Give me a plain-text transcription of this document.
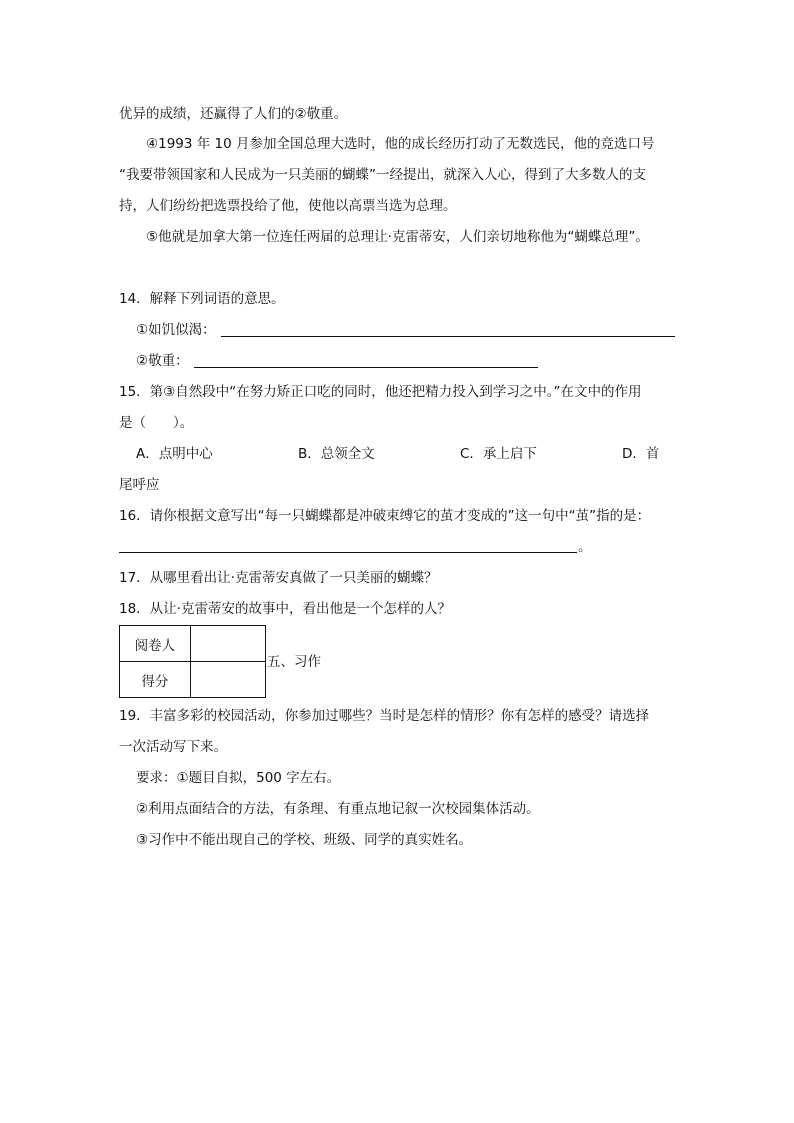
优异的成绩，还赢得了人们的②敬重。
④1993 年 10 月参加全国总理大选时，他的成长经历打动了无数选民，他的竞选口号
“我要带领国家和人民成为一只美丽的蝴蝶”一经提出，就深入人心，得到了大多数人的支
持，人们纷纷把选票投给了他，使他以高票当选为总理。
⑤他就是加拿大第一位连任两届的总理让·克雷蒂安，人们亲切地称他为“蝴蝶总理”。
14．解释下列词语的意思。
①如饥似渴：
②敬重：
15．第③自然段中“在努力矫正口吃的同时，他还把精力投入到学习之中。”在文中的作用
是（　　）。
A．点明中心	B．总领全文	C．承上启下	D．首
尾呼应
16．请你根据文意写出“每一只蝴蝶都是冲破束缚它的茧才变成的”这一句中“茧”指的是：
。
17．从哪里看出让·克雷蒂安真做了一只美丽的蝴蝶？
18．从让·克雷蒂安的故事中，看出他是一个怎样的人？
阅卷人	
得分	
五、习作
19．丰富多彩的校园活动，你参加过哪些？当时是怎样的情形？你有怎样的感受？请选择
一次活动写下来。
要求：①题目自拟，500 字左右。
②利用点面结合的方法，有条理、有重点地记叙一次校园集体活动。
③习作中不能出现自己的学校、班级、同学的真实姓名。
